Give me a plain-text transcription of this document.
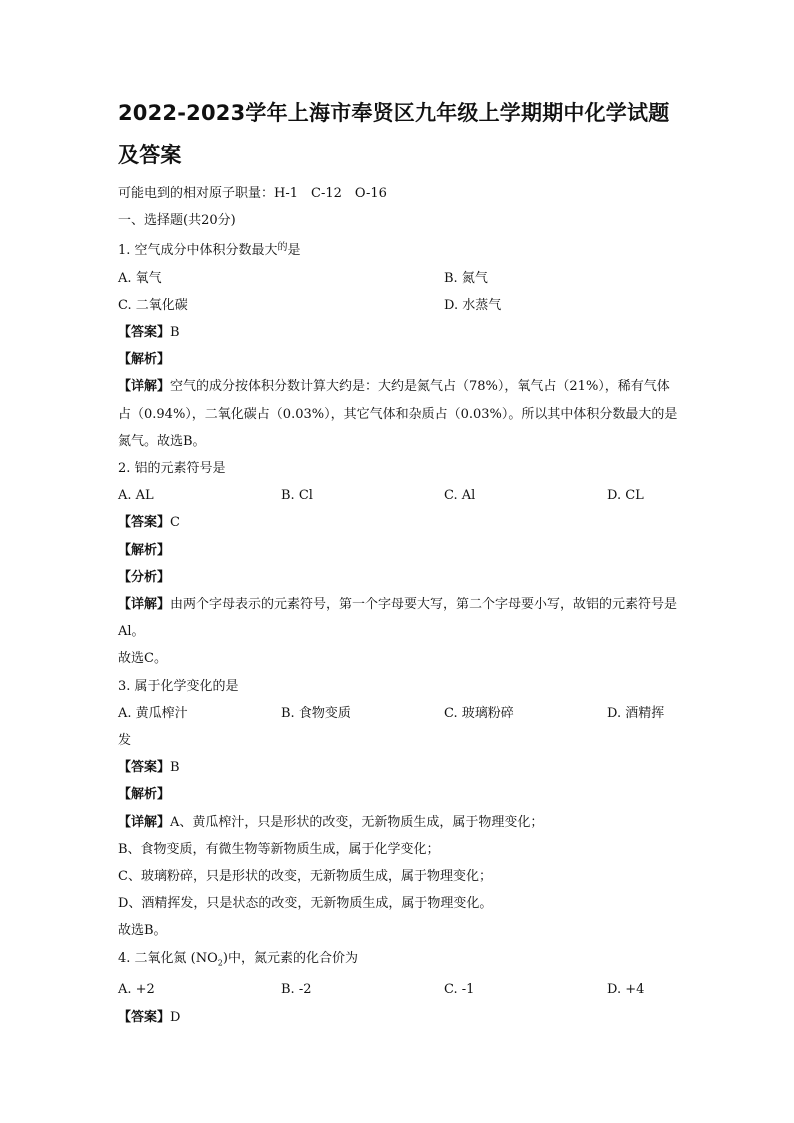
2022-2023学年上海市奉贤区九年级上学期期中化学试题及答案
可能电到的相对原子职量：H-1　C-12　O-16
一、选择题(共20分)
1. 空气成分中体积分数最大$^的$是
A. 氧气	B. 氮气
C. 二氧化碳	D. 水蒸气
【答案】B
【解析】
【详解】空气的成分按体积分数计算大约是：大约是氮气占（78%），氧气占（21%），稀有气体占（0.94%），二氧化碳占（0.03%），其它气体和杂质占（0.03%）。所以其中体积分数最大的是氮气。故选B。
2. 铝的元素符号是
A. AL	B. Cl	C. Al	D. CL
【答案】C
【解析】
【分析】
【详解】由两个字母表示的元素符号，第一个字母要大写，第二个字母要小写，故铝的元素符号是Al。
故选C。
3. 属于化学变化的是
A. 黄瓜榨汁	B. 食物变质	C. 玻璃粉碎	D. 酒精挥
发
【答案】B
【解析】
【详解】A、黄瓜榨汁，只是形状的改变，无新物质生成，属于物理变化；
B、食物变质，有微生物等新物质生成，属于化学变化；
C、玻璃粉碎，只是形状的改变，无新物质生成，属于物理变化；
D、酒精挥发，只是状态的改变，无新物质生成，属于物理变化。
故选B。
4. 二氧化氮 $(NO_2)$中，氮元素的化合价为
A. +2	B. -2	C. -1	D. +4
【答案】D
